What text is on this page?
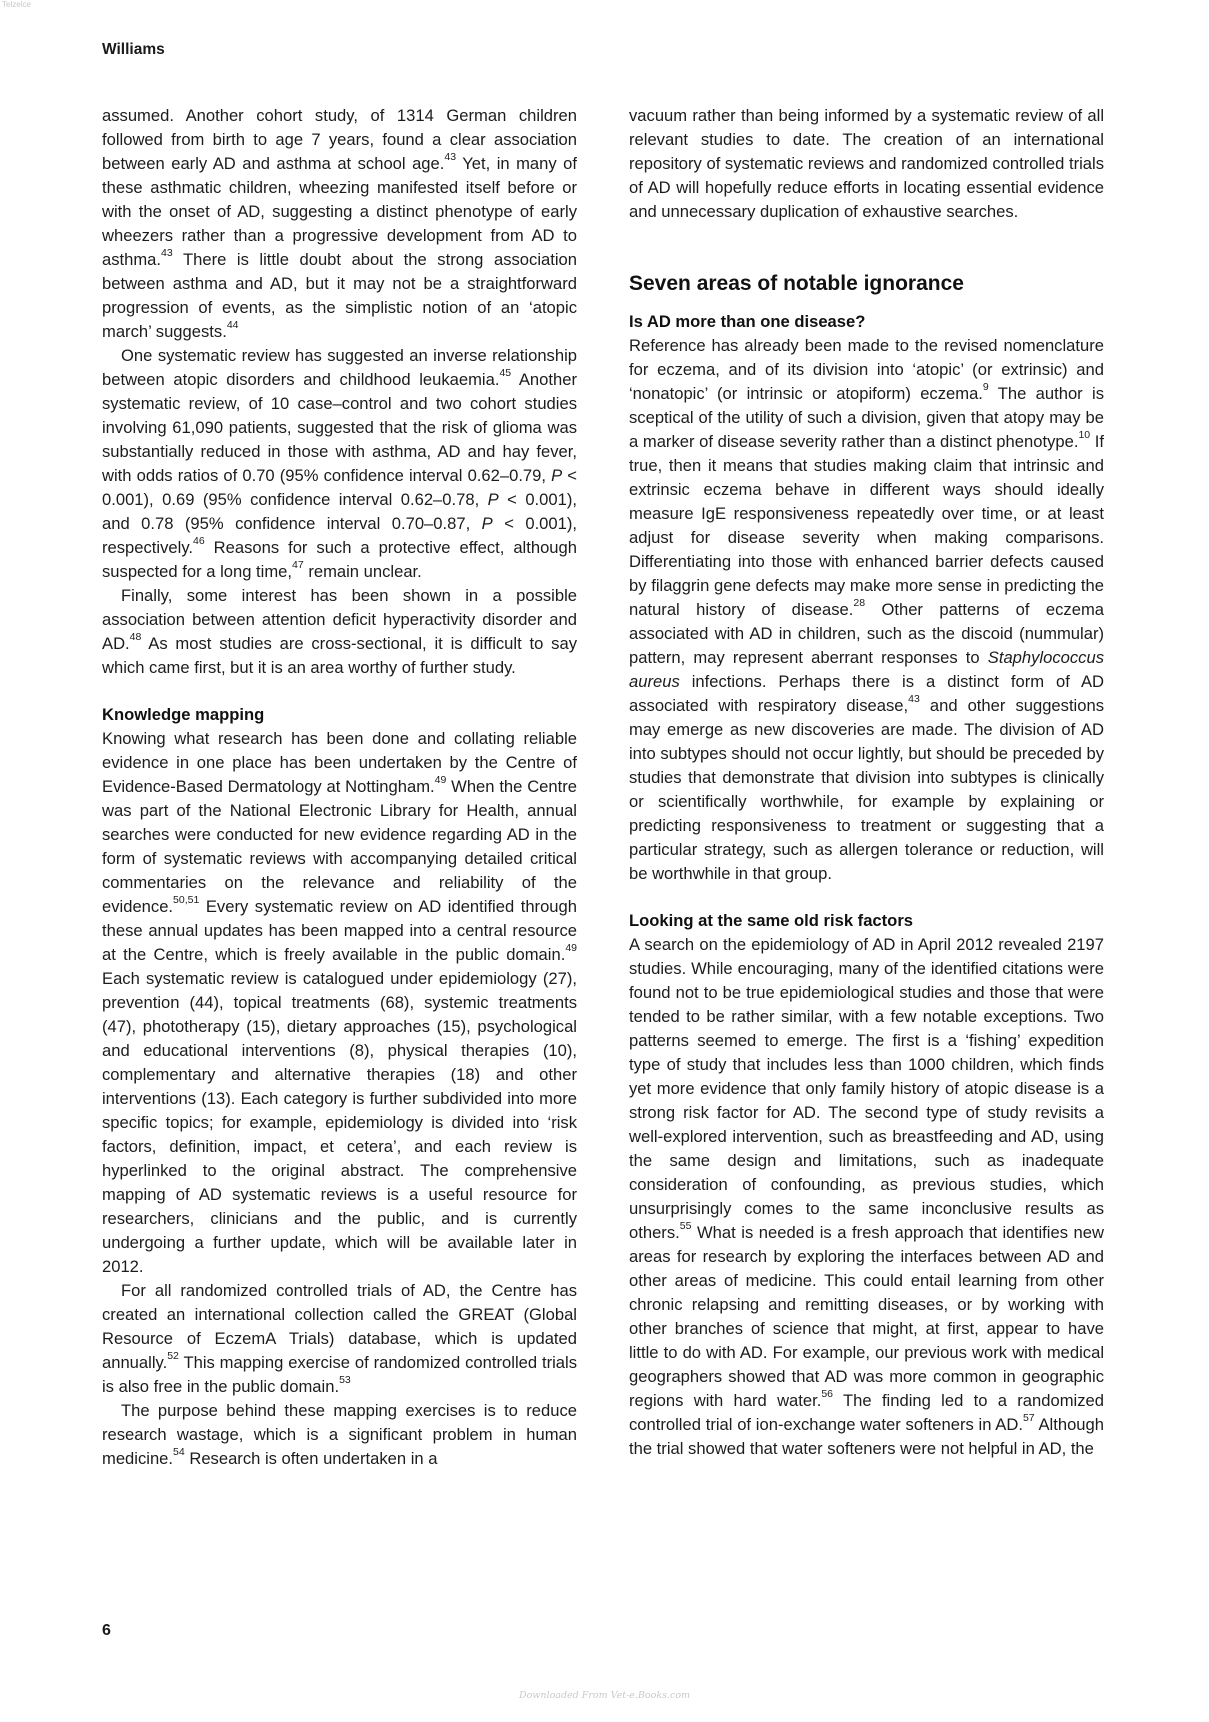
Telzelce
Williams

assumed. Another cohort study, of 1314 German children followed from birth to age 7 years, found a clear association between early AD and asthma at school age.$^{43}$ Yet, in many of these asthmatic children, wheezing manifested itself before or with the onset of AD, suggesting a distinct phenotype of early wheezers rather than a progressive development from AD to asthma.$^{43}$ There is little doubt about the strong association between asthma and AD, but it may not be a straightforward progression of events, as the simplistic notion of an ‘atopic march’ suggests.$^{44}$

One systematic review has suggested an inverse relationship between atopic disorders and childhood leukaemia.$^{45}$ Another systematic review, of 10 case–control and two cohort studies involving 61,090 patients, suggested that the risk of glioma was substantially reduced in those with asthma, AD and hay fever, with odds ratios of 0.70 (95% confidence interval 0.62–0.79, P < 0.001), 0.69 (95% confidence interval 0.62–0.78, P < 0.001), and 0.78 (95% confidence interval 0.70–0.87, P < 0.001), respectively.$^{46}$ Reasons for such a protective effect, although suspected for a long time,$^{47}$ remain unclear.

Finally, some interest has been shown in a possible association between attention deficit hyperactivity disorder and AD.$^{48}$ As most studies are cross-sectional, it is difficult to say which came first, but it is an area worthy of further study.

Knowledge mapping

Knowing what research has been done and collating reliable evidence in one place has been undertaken by the Centre of Evidence-Based Dermatology at Nottingham.$^{49}$ When the Centre was part of the National Electronic Library for Health, annual searches were conducted for new evidence regarding AD in the form of systematic reviews with accompanying detailed critical commentaries on the relevance and reliability of the evidence.$^{50,51}$ Every systematic review on AD identified through these annual updates has been mapped into a central resource at the Centre, which is freely available in the public domain.$^{49}$ Each systematic review is catalogued under epidemiology (27), prevention (44), topical treatments (68), systemic treatments (47), phototherapy (15), dietary approaches (15), psychological and educational interventions (8), physical therapies (10), complementary and alternative therapies (18) and other interventions (13). Each category is further subdivided into more specific topics; for example, epidemiology is divided into ‘risk factors, definition, impact, et cetera’, and each review is hyperlinked to the original abstract. The comprehensive mapping of AD systematic reviews is a useful resource for researchers, clinicians and the public, and is currently undergoing a further update, which will be available later in 2012.

For all randomized controlled trials of AD, the Centre has created an international collection called the GREAT (Global Resource of EczemA Trials) database, which is updated annually.$^{52}$ This mapping exercise of randomized controlled trials is also free in the public domain.$^{53}$

The purpose behind these mapping exercises is to reduce research wastage, which is a significant problem in human medicine.$^{54}$ Research is often undertaken in a

vacuum rather than being informed by a systematic review of all relevant studies to date. The creation of an international repository of systematic reviews and randomized controlled trials of AD will hopefully reduce efforts in locating essential evidence and unnecessary duplication of exhaustive searches.

Seven areas of notable ignorance
Is AD more than one disease?

Reference has already been made to the revised nomenclature for eczema, and of its division into ‘atopic’ (or extrinsic) and ‘nonatopic’ (or intrinsic or atopiform) eczema.$^9$ The author is sceptical of the utility of such a division, given that atopy may be a marker of disease severity rather than a distinct phenotype.$^{10}$ If true, then it means that studies making claim that intrinsic and extrinsic eczema behave in different ways should ideally measure IgE responsiveness repeatedly over time, or at least adjust for disease severity when making comparisons. Differentiating into those with enhanced barrier defects caused by filaggrin gene defects may make more sense in predicting the natural history of disease.$^{28}$ Other patterns of eczema associated with AD in children, such as the discoid (nummular) pattern, may represent aberrant responses to Staphylococcus aureus infections. Perhaps there is a distinct form of AD associated with respiratory disease,$^{43}$ and other suggestions may emerge as new discoveries are made. The division of AD into subtypes should not occur lightly, but should be preceded by studies that demonstrate that division into subtypes is clinically or scientifically worthwhile, for example by explaining or predicting responsiveness to treatment or suggesting that a particular strategy, such as allergen tolerance or reduction, will be worthwhile in that group.

Looking at the same old risk factors

A search on the epidemiology of AD in April 2012 revealed 2197 studies. While encouraging, many of the identified citations were found not to be true epidemiological studies and those that were tended to be rather similar, with a few notable exceptions. Two patterns seemed to emerge. The first is a ‘fishing’ expedition type of study that includes less than 1000 children, which finds yet more evidence that only family history of atopic disease is a strong risk factor for AD. The second type of study revisits a well-explored intervention, such as breastfeeding and AD, using the same design and limitations, such as inadequate consideration of confounding, as previous studies, which unsurprisingly comes to the same inconclusive results as others.$^{55}$ What is needed is a fresh approach that identifies new areas for research by exploring the interfaces between AD and other areas of medicine. This could entail learning from other chronic relapsing and remitting diseases, or by working with other branches of science that might, at first, appear to have little to do with AD. For example, our previous work with medical geographers showed that AD was more common in geographic regions with hard water.$^{56}$ The finding led to a randomized controlled trial of ion-exchange water softeners in AD.$^{57}$ Although the trial showed that water softeners were not helpful in AD, the

6
Downloaded From Vet-e.Books.com
